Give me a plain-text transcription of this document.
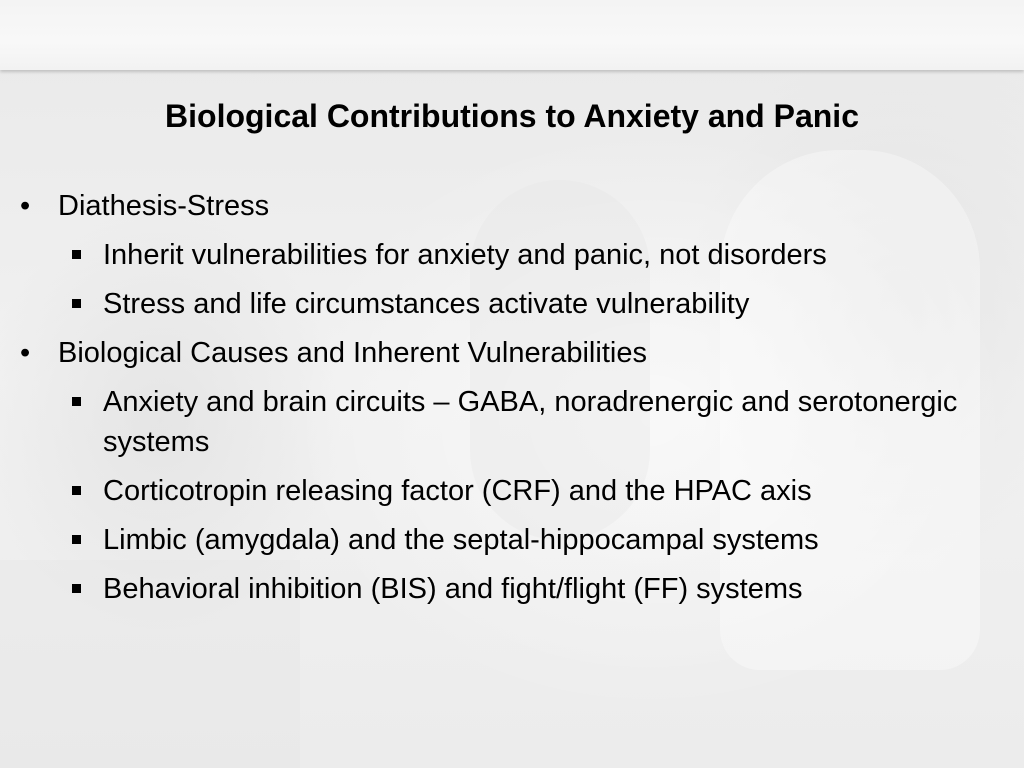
Biological Contributions to Anxiety and Panic
• Diathesis-Stress
Inherit vulnerabilities for anxiety and panic, not disorders
Stress and life circumstances activate vulnerability
• Biological Causes and Inherent Vulnerabilities
Anxiety and brain circuits – GABA, noradrenergic and serotonergic systems
Corticotropin releasing factor (CRF) and the HPAC axis
Limbic (amygdala) and the septal-hippocampal systems
Behavioral inhibition (BIS) and fight/flight (FF) systems
